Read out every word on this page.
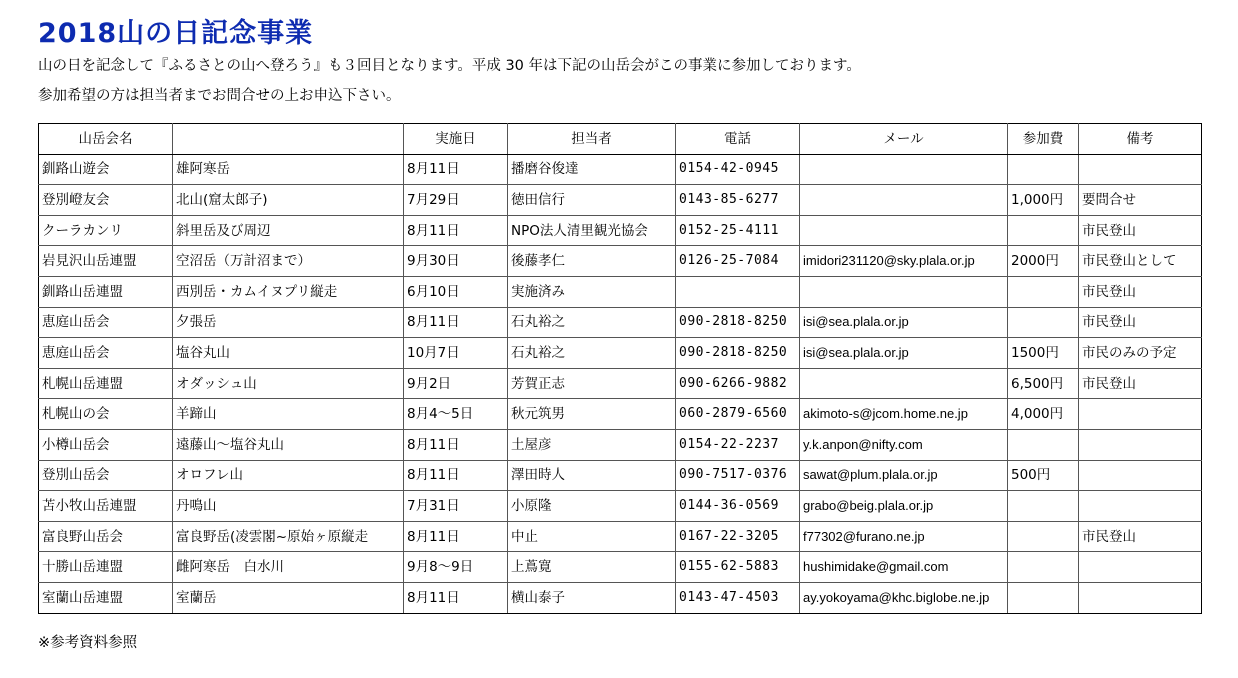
2018山の日記念事業
山の日を記念して『ふるさとの山へ登ろう』も３回目となります。平成 30 年は下記の山岳会がこの事業に参加しております。
参加希望の方は担当者までお問合せの上お申込下さい。
山岳会名		実施日	担当者	電話	メール	参加費	備考
釧路山遊会	雄阿寒岳	8月11日	播磨谷俊達	0154-42-0945			
登別嶝友会	北山(窟太郎子)	7月29日	徳田信行	0143-85-6277		1,000円	要問合せ
クーラカンリ	斜里岳及び周辺	8月11日	NPO法人清里観光協会	0152-25-4111			市民登山
岩見沢山岳連盟	空沼岳（万計沼まで）	9月30日	後藤孝仁	0126-25-7084	imidori231120@sky.plala.or.jp	2000円	市民登山として
釧路山岳連盟	西別岳・カムイヌプリ縦走	6月10日	実施済み				市民登山
恵庭山岳会	夕張岳	8月11日	石丸裕之	090-2818-8250	isi@sea.plala.or.jp		市民登山
恵庭山岳会	塩谷丸山	10月7日	石丸裕之	090-2818-8250	isi@sea.plala.or.jp	1500円	市民のみの予定
札幌山岳連盟	オダッシュ山	9月2日	芳賀正志	090-6266-9882		6,500円	市民登山
札幌山の会	羊蹄山	8月4～5日	秋元筑男	060-2879-6560	akimoto-s@jcom.home.ne.jp	4,000円	
小樽山岳会	遠藤山～塩谷丸山	8月11日	土屋彦	0154-22-2237	y.k.anpon@nifty.com		
登別山岳会	オロフレ山	8月11日	澤田時人	090-7517-0376	sawat@plum.plala.or.jp	500円	
苫小牧山岳連盟	丹鳴山	7月31日	小原隆	0144-36-0569	grabo@beig.plala.or.jp		
富良野山岳会	富良野岳(凌雲閣~原始ヶ原縦走	8月11日	中止	0167-22-3205	f77302@furano.ne.jp		市民登山
十勝山岳連盟	雌阿寒岳　白水川	9月8～9日	上蔦寛	0155-62-5883	hushimidake@gmail.com		
室蘭山岳連盟	室蘭岳	8月11日	横山泰子	0143-47-4503	ay.yokoyama@khc.biglobe.ne.jp		
※参考資料参照
